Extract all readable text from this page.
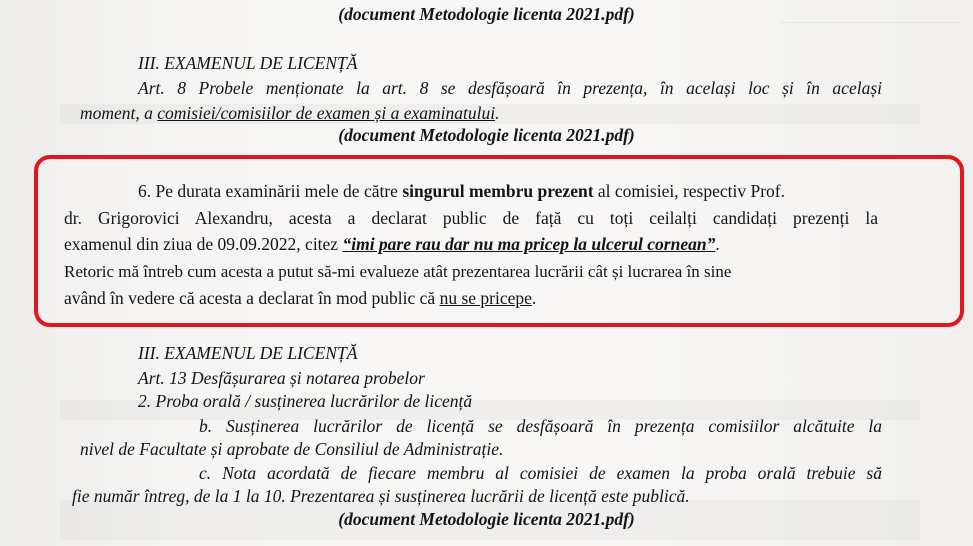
(document Metodologie licenta 2021.pdf)
III. EXAMENUL DE LICENȚĂ
Art. 8 Probele menționate la art. 8 se desfășoară în prezența, în același loc și în același
moment, a comisiei/comisiilor de examen și a examinatului.
(document Metodologie licenta 2021.pdf)
6. Pe durata examinării mele de către singurul membru prezent al comisiei, respectiv Prof.
dr. Grigorovici Alexandru, acesta a declarat public de față cu toți ceilalți candidați prezenți la
examenul din ziua de 09.09.2022, citez “imi pare rau dar nu ma pricep la ulcerul cornean”.
Retoric mă întreb cum acesta a putut să-mi evalueze atât prezentarea lucrării cât și lucrarea în sine
având în vedere că acesta a declarat în mod public că nu se pricepe.
III. EXAMENUL DE LICENȚĂ
Art. 13 Desfășurarea și notarea probelor
2. Proba orală / susținerea lucrărilor de licență
b. Susținerea lucrărilor de licență se desfășoară în prezența comisiilor alcătuite la
nivel de Facultate și aprobate de Consiliul de Administrație.
c. Nota acordată de fiecare membru al comisiei de examen la proba orală trebuie să
fie număr întreg, de la 1 la 10. Prezentarea și susținerea lucrării de licență este publică.
(document Metodologie licenta 2021.pdf)
